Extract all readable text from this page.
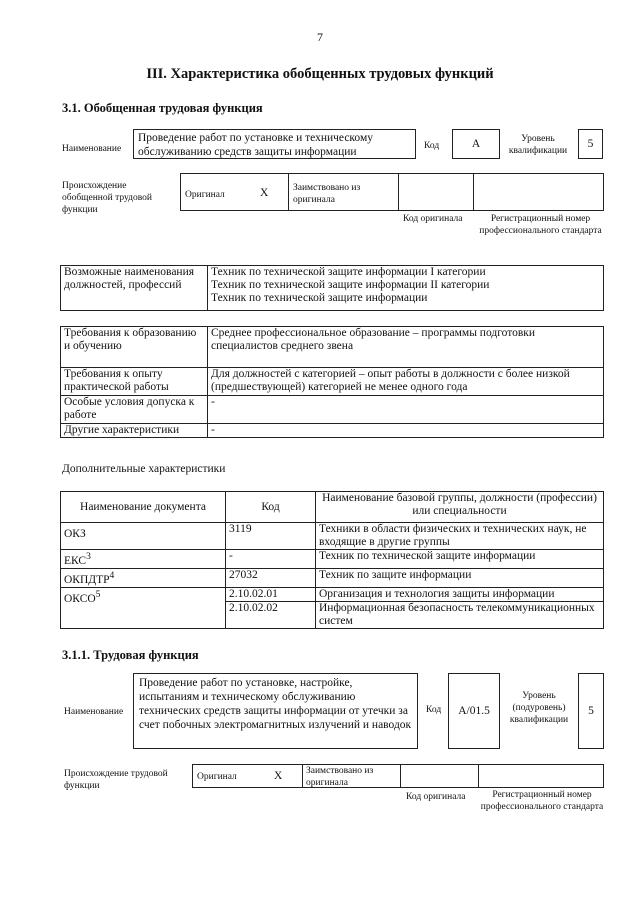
7
III. Характеристика обобщенных трудовых функций
3.1. Обобщенная трудовая функция
Наименование
Проведение работ по установке и техническому обслуживанию средств защиты информации	Код	A	Уровень квалификации
5
Происхождение обобщенной трудовой функции
Оригинал	X	Заимствовано из оригинала
Код оригинала	Регистрационный номер профессионального стандарта
Возможные наименования должностей, профессий	
Техник по технической защите информации I категории
Техник по технической защите информации II категории
Техник по технической защите информации
Требования к образованию и обучению	Среднее профессиональное образование – программы подготовки специалистов среднего звена
Требования к опыту практической работы	Для должностей с категорией – опыт работы в должности с более низкой (предшествующей) категорией не менее одного года
Особые условия допуска к работе	-
Другие характеристики	-
Дополнительные характеристики
Наименование документа	Код	Наименование базовой группы, должности (профессии) или специальности
ОКЗ	3119	Техники в области физических и технических наук, не входящие в другие группы
ЕКС$^3$	-	Техник по технической защите информации
ОКПДТР$^4$	27032	Техник по защите информации
ОКСО$^5$	2.10.02.01	Организация и технология защиты информации
	2.10.02.02	Информационная безопасность телекоммуникационных систем
3.1.1. Трудовая функция
Наименование
Проведение работ по установке, настройке, испытаниям и техническому обслуживанию технических средств защиты информации от утечки за счет побочных электромагнитных излучений и наводок
Код	A/01.5
Уровень (подуровень) квалификации
5
Происхождение трудовой функции
Оригинал	X Заимствовано из оригинала
Код оригинала	Регистрационный номер профессионального стандарта
